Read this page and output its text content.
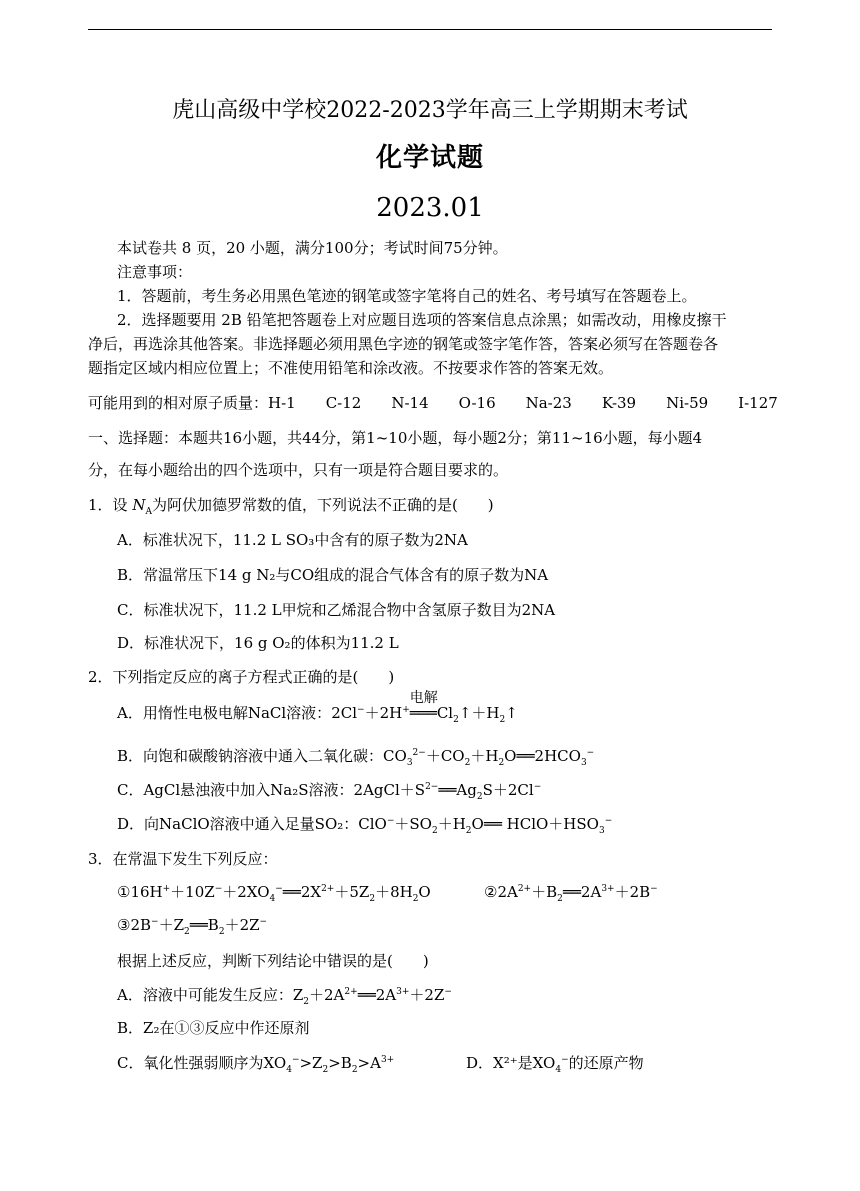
虎山高级中学校2022-2023学年高三上学期期末考试
化学试题
2023.01
本试卷共 8 页，20 小题，满分100分；考试时间75分钟。
注意事项：
1．答题前，考生务必用黑色笔迹的钢笔或签字笔将自己的姓名、考号填写在答题卷上。
2．选择题要用 2B 铅笔把答题卷上对应题目选项的答案信息点涂黑；如需改动，用橡皮擦干
净后，再选涂其他答案。非选择题必须用黑色字迹的钢笔或签字笔作答，答案必须写在答题卷各
题指定区域内相应位置上；不准使用铅笔和涂改液。不按要求作答的答案无效。
可能用到的相对原子质量：H-1　　C-12　　N-14　　O-16　　Na-23　　K-39　　Ni-59　　I-127
一、选择题：本题共16小题，共44分，第1~10小题，每小题2分；第11~16小题，每小题4
分，在每小题给出的四个选项中，只有一项是符合题目要求的。
1．设 $N_A$为阿伏加德罗常数的值，下列说法不正确的是(　　)
A．标准状况下，11.2 L SO₃中含有的原子数为2NA
B．常温常压下14 g N₂与CO组成的混合气体含有的原子数为NA
C．标准状况下，11.2 L甲烷和乙烯混合物中含氢原子数目为2NA
D．标准状况下，16 g O₂的体积为11.2 L
2．下列指定反应的离子方程式正确的是(　　)
A．用惰性电极电解NaCl溶液：2Cl−＋2H+
电解
$═══Cl_2↑+H_2↑$
B．向饱和碳酸钠溶液中通入二氧化碳：$CO_3^{2-}+CO_2+H_2O══2HCO_3^-$
C．AgCl悬浊液中加入Na₂S溶液：$2AgCl+S^{2-}══Ag_2S+2Cl^-$
D．向NaClO溶液中通入足量SO₂：$ClO^-+SO_2+H_2O══$ $HClO+HSO_3^-$
3．在常温下发生下列反应：
$①16H^++10Z^-+2XO_4^-══2X^{2+}+5Z_2+8H_2O$	$②2A^{2+}+B_2══2A^{3+}+2B^-$
$③2B^-+Z_2══B_2+2Z^-$
根据上述反应，判断下列结论中错误的是(　　)
A．溶液中可能发生反应：$Z_2+2A^{2+}══2A^{3+}+2Z^-$
B．Z₂在①③反应中作还原剂
C．氧化性强弱顺序为$XO_4^->Z_2>B_2>A^{3+}$	D．X²⁺是$XO_4^-$的还原产物
